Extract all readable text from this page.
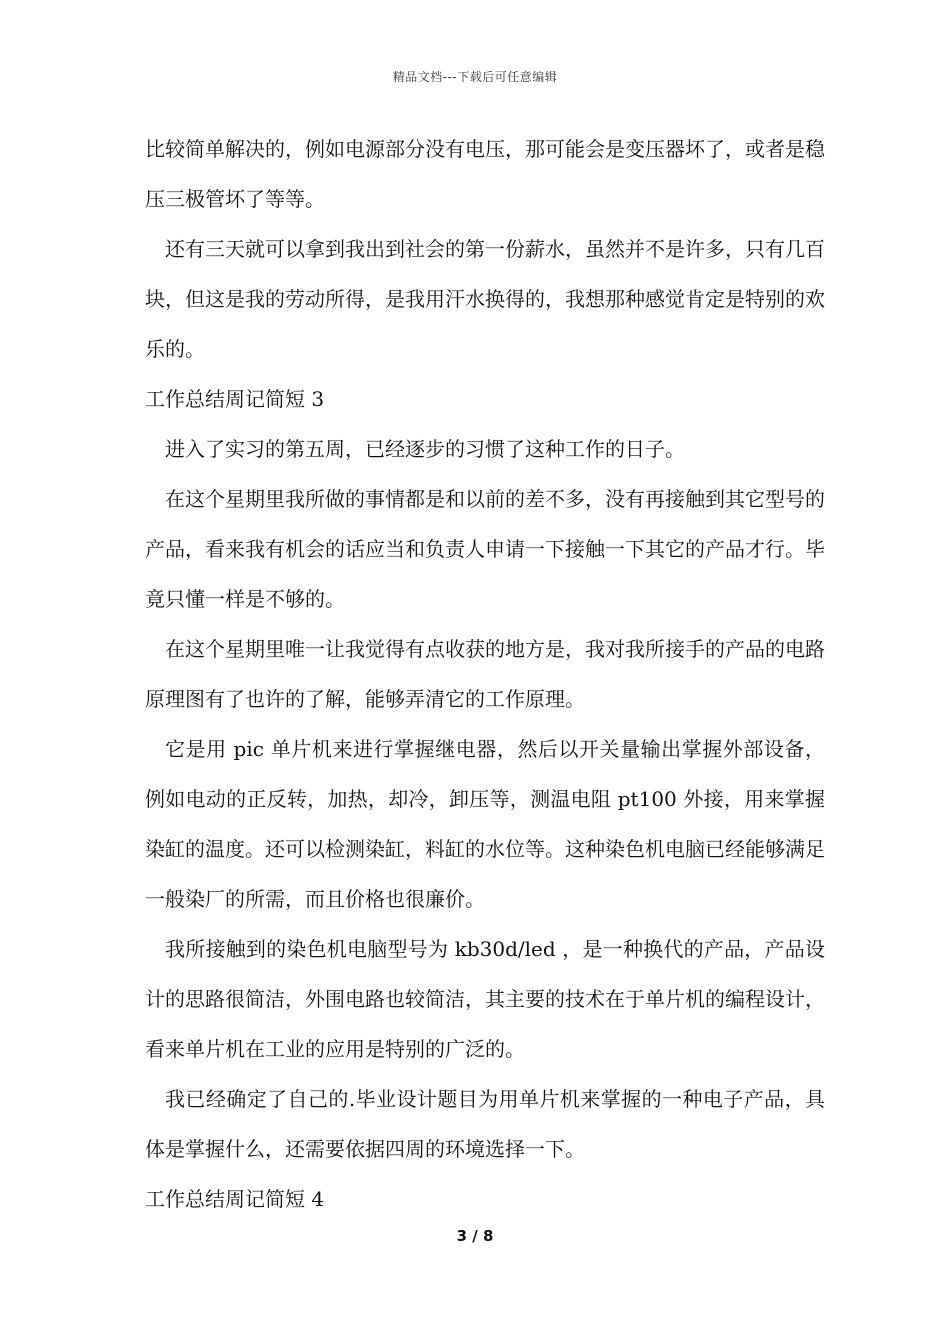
精品文档---下载后可任意编辑

比较简单解决的，例如电源部分没有电压，那可能会是变压器坏了，或者是稳压三极管坏了等等。

还有三天就可以拿到我出到社会的第一份薪水，虽然并不是许多，只有几百块，但这是我的劳动所得，是我用汗水换得的，我想那种感觉肯定是特别的欢乐的。

工作总结周记简短 3

进入了实习的第五周，已经逐步的习惯了这种工作的日子。

在这个星期里我所做的事情都是和以前的差不多，没有再接触到其它型号的产品，看来我有机会的话应当和负责人申请一下接触一下其它的产品才行。毕竟只懂一样是不够的。

在这个星期里唯一让我觉得有点收获的地方是，我对我所接手的产品的电路原理图有了也许的了解，能够弄清它的工作原理。

它是用 pic 单片机来进行掌握继电器，然后以开关量输出掌握外部设备，例如电动的正反转，加热，却冷，卸压等，测温电阻 pt100 外接，用来掌握染缸的温度。还可以检测染缸，料缸的水位等。这种染色机电脑已经能够满足一般染厂的所需，而且价格也很廉价。

我所接触到的染色机电脑型号为 kb30d/led ，是一种换代的产品，产品设计的思路很简洁，外围电路也较简洁，其主要的技术在于单片机的编程设计，看来单片机在工业的应用是特别的广泛的。

我已经确定了自己的.毕业设计题目为用单片机来掌握的一种电子产品，具体是掌握什么，还需要依据四周的环境选择一下。

工作总结周记简短 4

3 / 8
